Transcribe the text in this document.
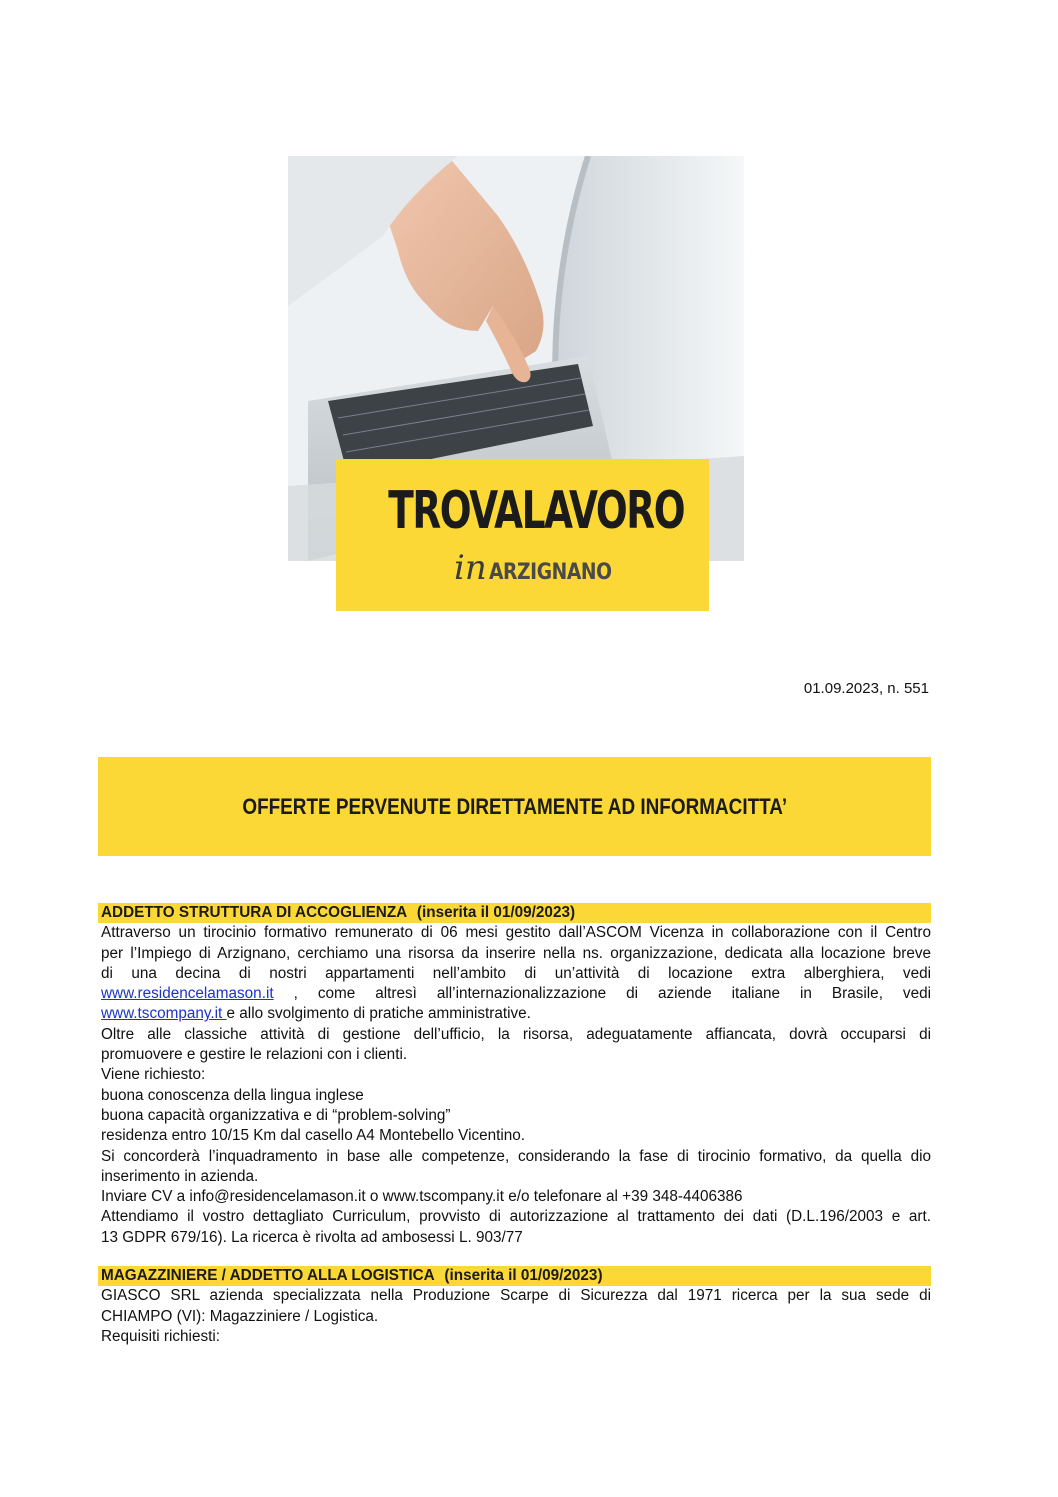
TROVALAVORO
in ARZIGNANO
01.09.2023, n. 551
OFFERTE PERVENUTE DIRETTAMENTE AD INFORMACITTA’
ADDETTO STRUTTURA DI ACCOGLIENZA (inserita il 01/09/2023)

Attraverso un tirocinio formativo remunerato di 06 mesi gestito dall’ASCOM Vicenza in collaborazione con il Centro

per l’Impiego di Arzignano, cerchiamo una risorsa da inserire nella ns. organizzazione, dedicata alla locazione breve

di una decina di nostri appartamenti nell’ambito di un’attività di locazione extra alberghiera, vedi

www.residencelamason.it , come altresì all’internazionalizzazione di aziende italiane in Brasile, vedi

www.tscompany.it e allo svolgimento di pratiche amministrative.

Oltre alle classiche attività di gestione dell’ufficio, la risorsa, adeguatamente affiancata, dovrà occuparsi di

promuovere e gestire le relazioni con i clienti.

Viene richiesto:

buona conoscenza della lingua inglese

buona capacità organizzativa e di “problem-solving”

residenza entro 10/15 Km dal casello A4 Montebello Vicentino.

Si concorderà l’inquadramento in base alle competenze, considerando la fase di tirocinio formativo, da quella dio

inserimento in azienda.

Inviare CV a info@residencelamason.it o www.tscompany.it e/o telefonare al +39 348-4406386

Attendiamo il vostro dettagliato Curriculum, provvisto di autorizzazione al trattamento dei dati (D.L.196/2003 e art.

13 GDPR 679/16). La ricerca è rivolta ad ambosessi L. 903/77

MAGAZZINIERE / ADDETTO ALLA LOGISTICA (inserita il 01/09/2023)

GIASCO SRL azienda specializzata nella Produzione Scarpe di Sicurezza dal 1971 ricerca per la sua sede di

CHIAMPO (VI): Magazziniere / Logistica.

Requisiti richiesti:
